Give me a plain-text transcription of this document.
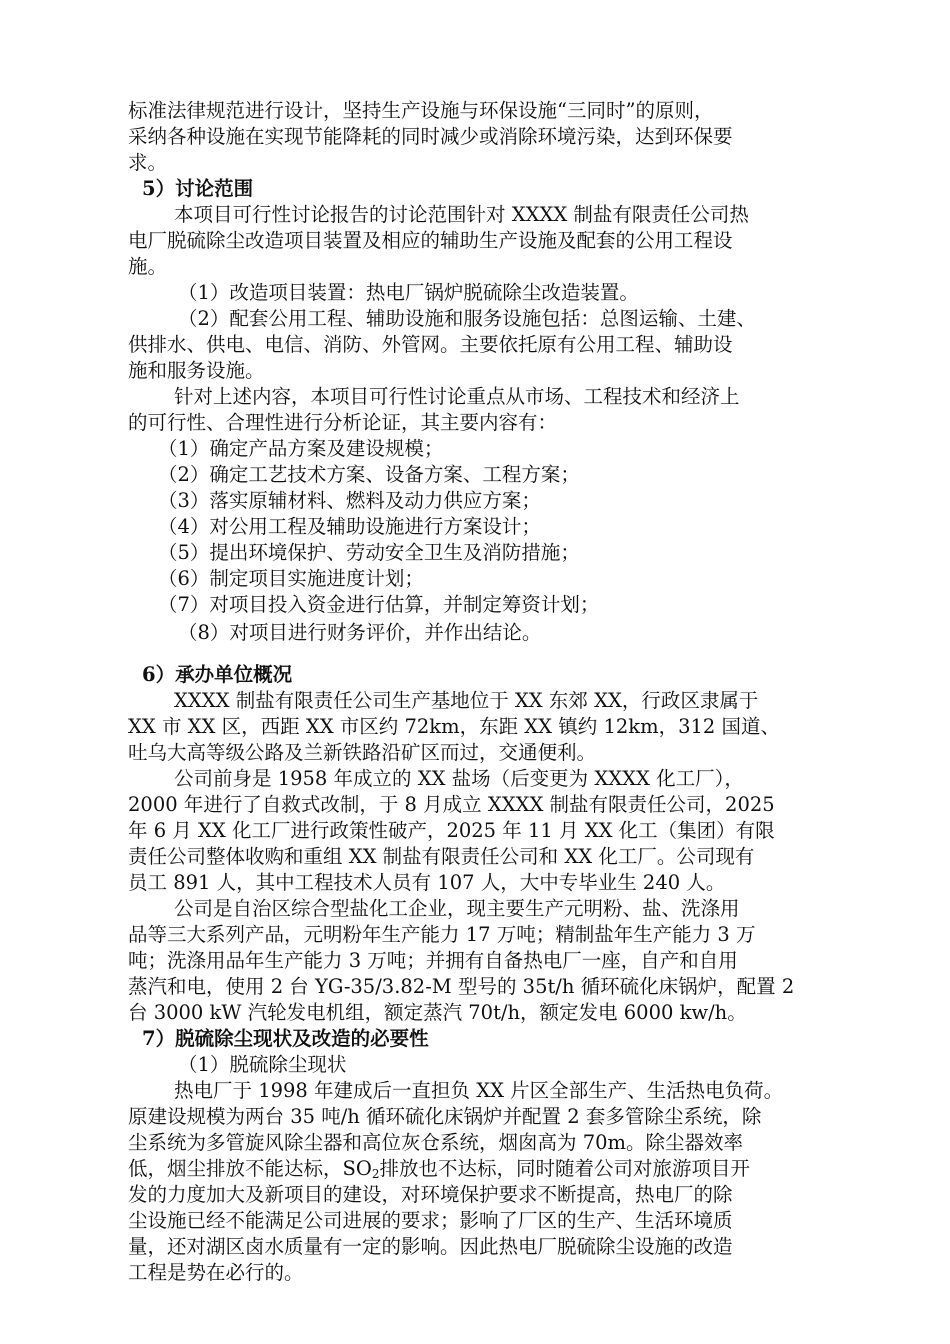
标准法律规范进行设计，坚持生产设施与环保设施“三同时”的原则，
采纳各种设施在实现节能降耗的同时减少或消除环境污染，达到环保要
求。
5）讨论范围
本项目可行性讨论报告的讨论范围针对 XXXX 制盐有限责任公司热
电厂脱硫除尘改造项目装置及相应的辅助生产设施及配套的公用工程设
施。
（1）改造项目装置：热电厂锅炉脱硫除尘改造装置。
（2）配套公用工程、辅助设施和服务设施包括：总图运输、土建、
供排水、供电、电信、消防、外管网。主要依托原有公用工程、辅助设
施和服务设施。
针对上述内容，本项目可行性讨论重点从市场、工程技术和经济上
的可行性、合理性进行分析论证，其主要内容有：
（1）确定产品方案及建设规模；
（2）确定工艺技术方案、设备方案、工程方案；
（3）落实原辅材料、燃料及动力供应方案；
（4）对公用工程及辅助设施进行方案设计；
（5）提出环境保护、劳动安全卫生及消防措施；
（6）制定项目实施进度计划；
（7）对项目投入资金进行估算，并制定筹资计划；
（8）对项目进行财务评价，并作出结论。
6）承办单位概况
XXXX 制盐有限责任公司生产基地位于 XX 东郊 XX，行政区隶属于
XX 市 XX 区，西距 XX 市区约 72km，东距 XX 镇约 12km，312 国道、
吐乌大高等级公路及兰新铁路沿矿区而过，交通便利。
公司前身是 1958 年成立的 XX 盐场（后变更为 XXXX 化工厂），
2000 年进行了自救式改制，于 8 月成立 XXXX 制盐有限责任公司，2025
年 6 月 XX 化工厂进行政策性破产，2025 年 11 月 XX 化工（集团）有限
责任公司整体收购和重组 XX 制盐有限责任公司和 XX 化工厂。公司现有
员工 891 人，其中工程技术人员有 107 人，大中专毕业生 240 人。
公司是自治区综合型盐化工企业，现主要生产元明粉、盐、洗涤用
品等三大系列产品，元明粉年生产能力 17 万吨；精制盐年生产能力 3 万
吨；洗涤用品年生产能力 3 万吨；并拥有自备热电厂一座，自产和自用
蒸汽和电，使用 2 台 YG-35/3.82-M 型号的 35t/h 循环硫化床锅炉，配置 2
台 3000 kW 汽轮发电机组，额定蒸汽 70t/h，额定发电 6000 kw/h。
7）脱硫除尘现状及改造的必要性
（1）脱硫除尘现状
热电厂于 1998 年建成后一直担负 XX 片区全部生产、生活热电负荷。
原建设规模为两台 35 吨/h 循环硫化床锅炉并配置 2 套多管除尘系统，除
尘系统为多管旋风除尘器和高位灰仓系统，烟囱高为 70m。除尘器效率
低，烟尘排放不能达标，$SO_2$排放也不达标，同时随着公司对旅游项目开
发的力度加大及新项目的建设，对环境保护要求不断提高，热电厂的除
尘设施已经不能满足公司进展的要求；影响了厂区的生产、生活环境质
量，还对湖区卤水质量有一定的影响。因此热电厂脱硫除尘设施的改造
工程是势在必行的。
